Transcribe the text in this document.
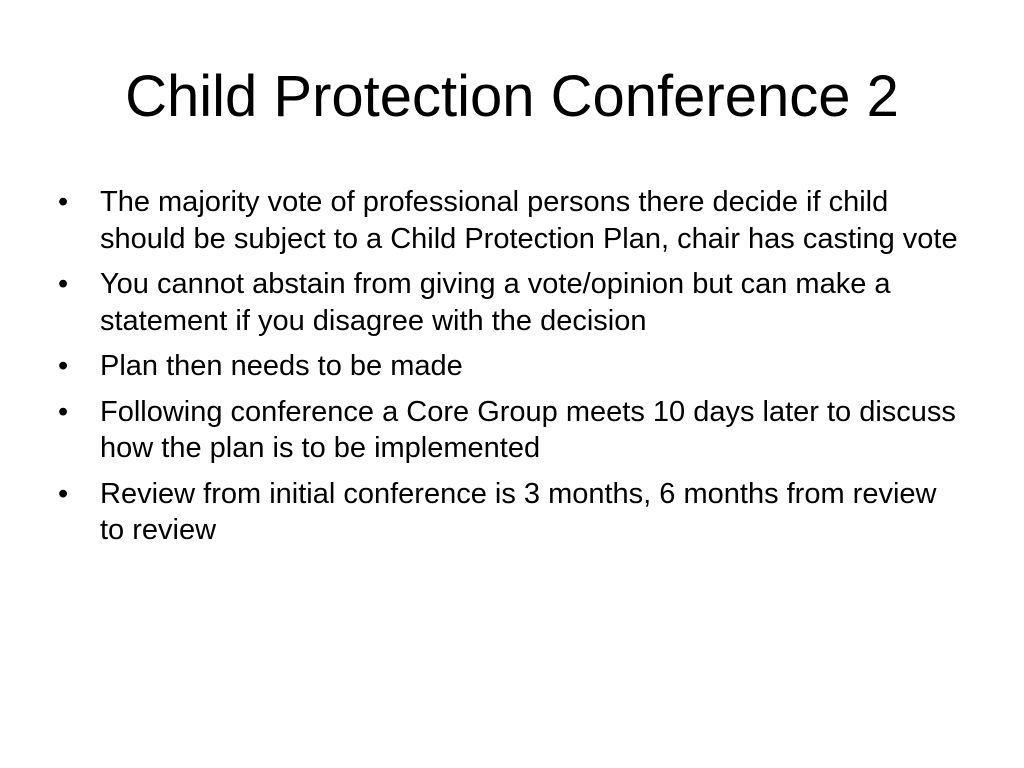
Child Protection Conference 2
•	The majority vote of professional persons there decide if child should be subject to a Child Protection Plan, chair has casting vote
•	You cannot abstain from giving a vote/opinion but can make a statement if you disagree with the decision
•	Plan then needs to be made
•	Following conference a Core Group meets 10 days later to discuss how the plan is to be implemented
•	Review from initial conference is 3 months, 6 months from review to review
